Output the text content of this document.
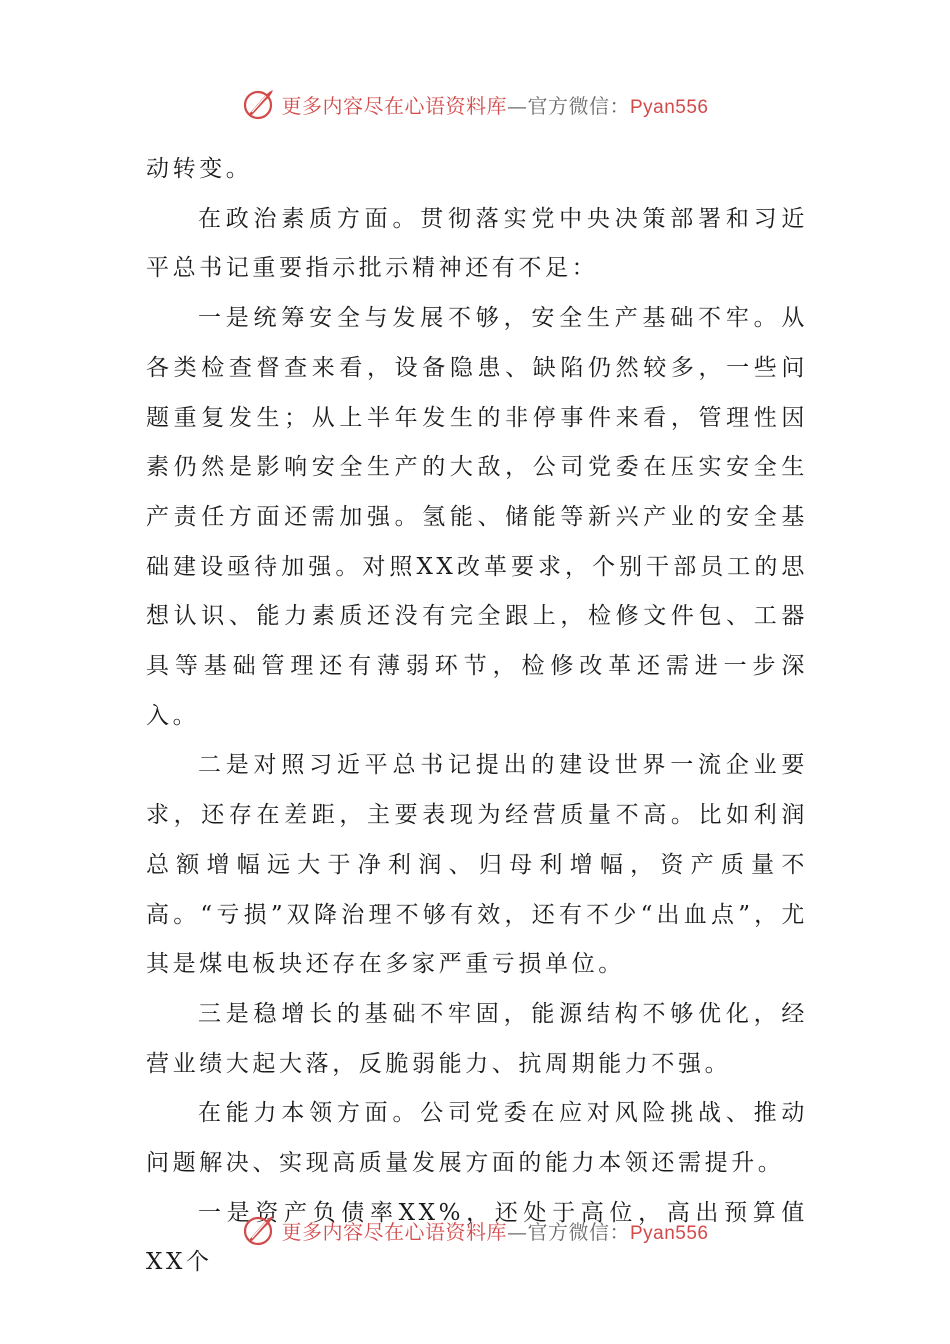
更多内容尽在心语资料库—官方微信：Pyan556

动转变。

在政治素质方面。贯彻落实党中央决策部署和习近平总书记重要指示批示精神还有不足：

一是统筹安全与发展不够，安全生产基础不牢。从各类检查督查来看，设备隐患、缺陷仍然较多，一些问题重复发生；从上半年发生的非停事件来看，管理性因素仍然是影响安全生产的大敌，公司党委在压实安全生产责任方面还需加强。氢能、储能等新兴产业的安全基础建设亟待加强。对照XX改革要求，个别干部员工的思想认识、能力素质还没有完全跟上，检修文件包、工器具等基础管理还有薄弱环节，检修改革还需进一步深入。

二是对照习近平总书记提出的建设世界一流企业要求，还存在差距，主要表现为经营质量不高。比如利润总额增幅远大于净利润、归母利增幅，资产质量不高。“亏损”双降治理不够有效，还有不少“出血点”，尤其是煤电板块还存在多家严重亏损单位。

三是稳增长的基础不牢固，能源结构不够优化，经营业绩大起大落，反脆弱能力、抗周期能力不强。

在能力本领方面。公司党委在应对风险挑战、推动问题解决、实现高质量发展方面的能力本领还需提升。

一是资产负债率XX%，还处于高位，高出预算值XX个

更多内容尽在心语资料库—官方微信：Pyan556
